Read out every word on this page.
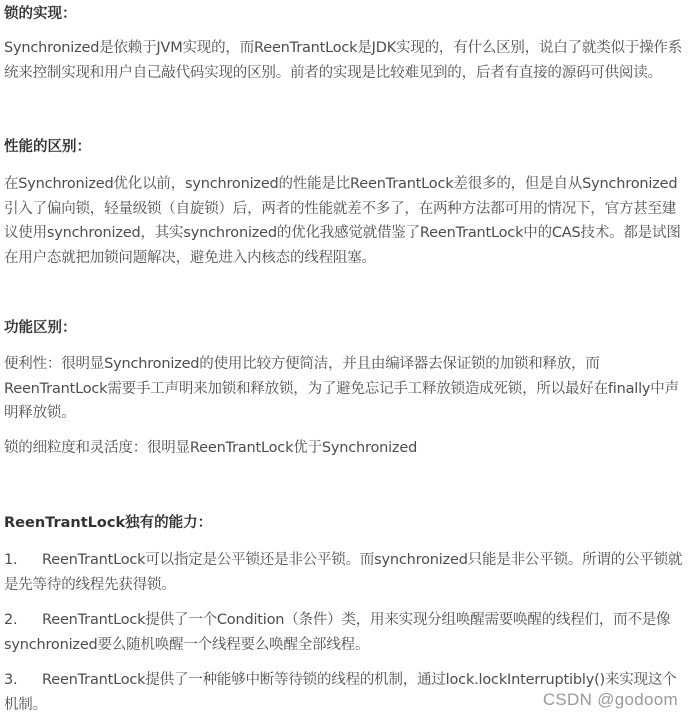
锁的实现：
Synchronized是依赖于JVM实现的，而ReenTrantLock是JDK实现的，有什么区别，说白了就类似于操作系统来控制实现和用户自己敲代码实现的区别。前者的实现是比较难见到的，后者有直接的源码可供阅读。
性能的区别：
在Synchronized优化以前，synchronized的性能是比ReenTrantLock差很多的，但是自从Synchronized引入了偏向锁，轻量级锁（自旋锁）后，两者的性能就差不多了，在两种方法都可用的情况下，官方甚至建议使用synchronized，其实synchronized的优化我感觉就借鉴了ReenTrantLock中的CAS技术。都是试图在用户态就把加锁问题解决，避免进入内核态的线程阻塞。
功能区别：
便利性：很明显Synchronized的使用比较方便简洁，并且由编译器去保证锁的加锁和释放，而ReenTrantLock需要手工声明来加锁和释放锁，为了避免忘记手工释放锁造成死锁，所以最好在finally中声明释放锁。
锁的细粒度和灵活度：很明显ReenTrantLock优于Synchronized
ReenTrantLock独有的能力：
1. ReenTrantLock可以指定是公平锁还是非公平锁。而synchronized只能是非公平锁。所谓的公平锁就是先等待的线程先获得锁。
2. ReenTrantLock提供了一个Condition（条件）类，用来实现分组唤醒需要唤醒的线程们，而不是像synchronized要么随机唤醒一个线程要么唤醒全部线程。
3. ReenTrantLock提供了一种能够中断等待锁的线程的机制，通过lock.lockInterruptibly()来实现这个机制。	CSDN @godoom
